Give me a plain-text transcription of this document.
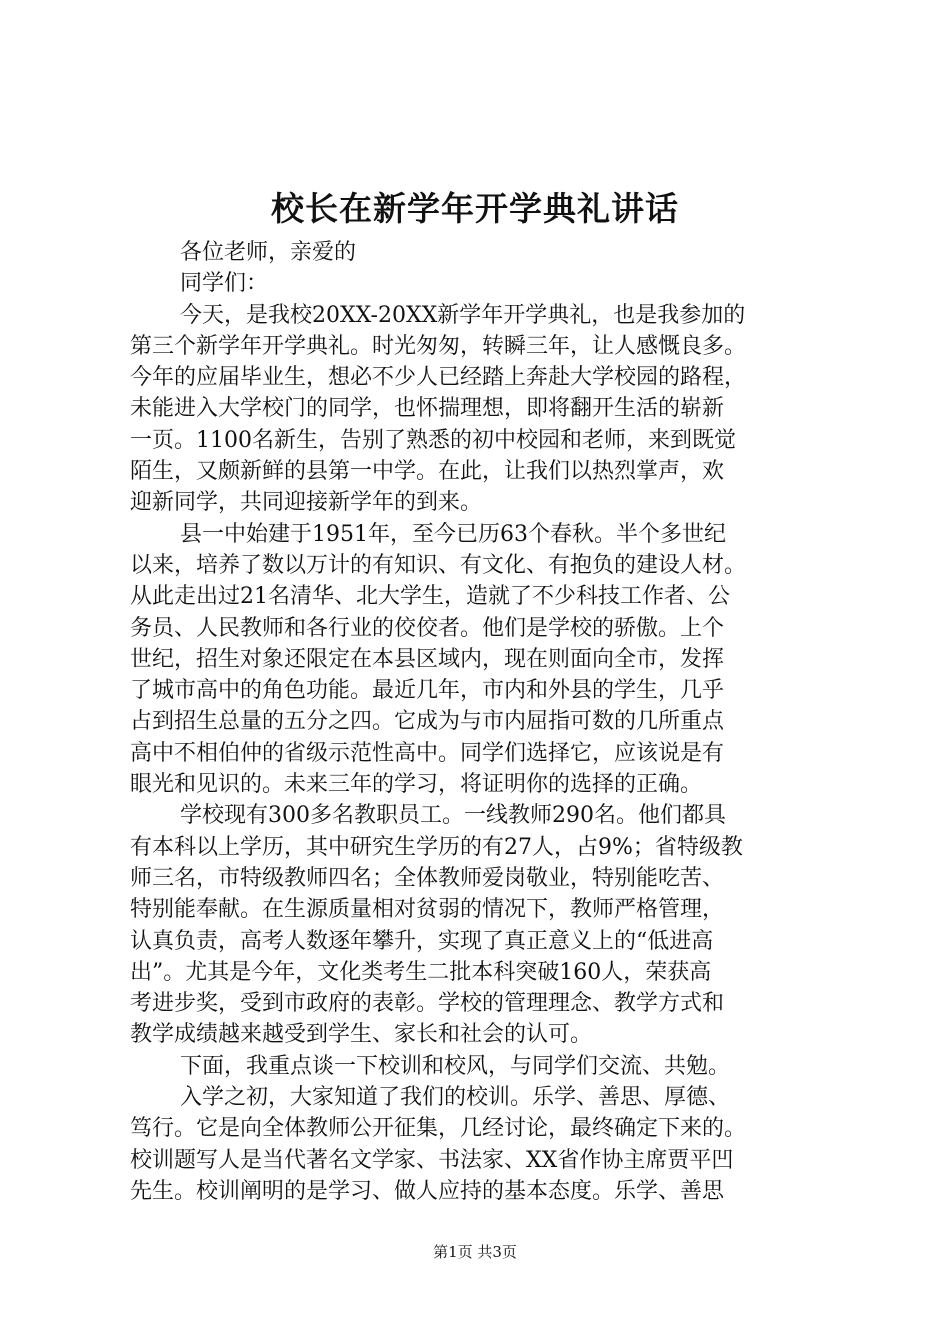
校长在新学年开学典礼讲话
各位老师，亲爱的
同学们：
今天，是我校20XX-20XX新学年开学典礼，也是我参加的
第三个新学年开学典礼。时光匆匆，转瞬三年，让人感慨良多。
今年的应届毕业生，想必不少人已经踏上奔赴大学校园的路程，
未能进入大学校门的同学，也怀揣理想，即将翻开生活的崭新
一页。1100名新生，告别了熟悉的初中校园和老师，来到既觉
陌生，又颇新鲜的县第一中学。在此，让我们以热烈掌声，欢
迎新同学，共同迎接新学年的到来。
县一中始建于1951年，至今已历63个春秋。半个多世纪
以来，培养了数以万计的有知识、有文化、有抱负的建设人材。
从此走出过21名清华、北大学生，造就了不少科技工作者、公
务员、人民教师和各行业的佼佼者。他们是学校的骄傲。上个
世纪，招生对象还限定在本县区域内，现在则面向全市，发挥
了城市高中的角色功能。最近几年，市内和外县的学生，几乎
占到招生总量的五分之四。它成为与市内屈指可数的几所重点
高中不相伯仲的省级示范性高中。同学们选择它，应该说是有
眼光和见识的。未来三年的学习，将证明你的选择的正确。
学校现有300多名教职员工。一线教师290名。他们都具
有本科以上学历，其中研究生学历的有27人，占9%；省特级教
师三名，市特级教师四名；全体教师爱岗敬业，特别能吃苦、
特别能奉献。在生源质量相对贫弱的情况下，教师严格管理，
认真负责，高考人数逐年攀升，实现了真正意义上的“低进高
出”。尤其是今年，文化类考生二批本科突破160人，荣获高
考进步奖，受到市政府的表彰。学校的管理理念、教学方式和
教学成绩越来越受到学生、家长和社会的认可。
下面，我重点谈一下校训和校风，与同学们交流、共勉。
入学之初，大家知道了我们的校训。乐学、善思、厚德、
笃行。它是向全体教师公开征集，几经讨论，最终确定下来的。
校训题写人是当代著名文学家、书法家、XX省作协主席贾平凹
先生。校训阐明的是学习、做人应持的基本态度。乐学、善思
第1页 共3页
